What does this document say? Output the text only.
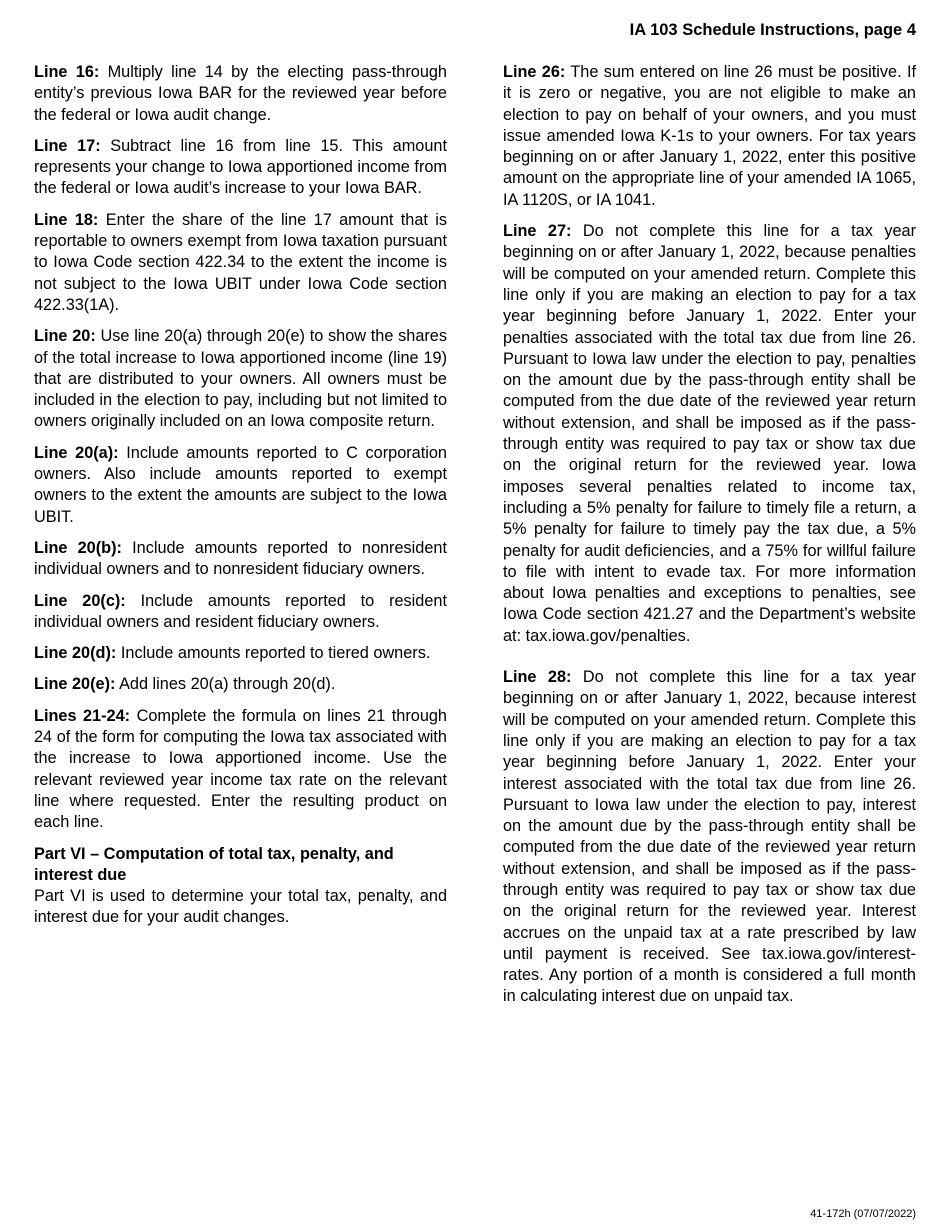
IA 103 Schedule Instructions, page 4

Line 16: Multiply line 14 by the electing pass-through entity’s previous Iowa BAR for the reviewed year before the federal or Iowa audit change.

Line 17: Subtract line 16 from line 15. This amount represents your change to Iowa apportioned income from the federal or Iowa audit’s increase to your Iowa BAR.

Line 18: Enter the share of the line 17 amount that is reportable to owners exempt from Iowa taxation pursuant to Iowa Code section 422.34 to the extent the income is not subject to the Iowa UBIT under Iowa Code section 422.33(1A).

Line 20: Use line 20(a) through 20(e) to show the shares of the total increase to Iowa apportioned income (line 19) that are distributed to your owners. All owners must be included in the election to pay, including but not limited to owners originally included on an Iowa composite return.

Line 20(a): Include amounts reported to C corporation owners. Also include amounts reported to exempt owners to the extent the amounts are subject to the Iowa UBIT.

Line 20(b): Include amounts reported to nonresident individual owners and to nonresident fiduciary owners.

Line 20(c): Include amounts reported to resident individual owners and resident fiduciary owners.

Line 20(d): Include amounts reported to tiered owners.

Line 20(e): Add lines 20(a) through 20(d).

Lines 21-24: Complete the formula on lines 21 through 24 of the form for computing the Iowa tax associated with the increase to Iowa apportioned income. Use the relevant reviewed year income tax rate on the relevant line where requested. Enter the resulting product on each line.

Part VI – Computation of total tax, penalty, and interest due
Part VI is used to determine your total tax, penalty, and interest due for your audit changes.

Line 26: The sum entered on line 26 must be positive. If it is zero or negative, you are not eligible to make an election to pay on behalf of your owners, and you must issue amended Iowa K-1s to your owners. For tax years beginning on or after January 1, 2022, enter this positive amount on the appropriate line of your amended IA 1065, IA 1120S, or IA 1041.

Line 27: Do not complete this line for a tax year beginning on or after January 1, 2022, because penalties will be computed on your amended return. Complete this line only if you are making an election to pay for a tax year beginning before January 1, 2022. Enter your penalties associated with the total tax due from line 26. Pursuant to Iowa law under the election to pay, penalties on the amount due by the pass-through entity shall be computed from the due date of the reviewed year return without extension, and shall be imposed as if the pass-through entity was required to pay tax or show tax due on the original return for the reviewed year. Iowa imposes several penalties related to income tax, including a 5% penalty for failure to timely file a return, a 5% penalty for failure to timely pay the tax due, a 5% penalty for audit deficiencies, and a 75% for willful failure to file with intent to evade tax. For more information about Iowa penalties and exceptions to penalties, see Iowa Code section 421.27 and the Department’s website at: tax.iowa.gov/penalties.

Line 28: Do not complete this line for a tax year beginning on or after January 1, 2022, because interest will be computed on your amended return. Complete this line only if you are making an election to pay for a tax year beginning before January 1, 2022. Enter your interest associated with the total tax due from line 26. Pursuant to Iowa law under the election to pay, interest on the amount due by the pass-through entity shall be computed from the due date of the reviewed year return without extension, and shall be imposed as if the pass-through entity was required to pay tax or show tax due on the original return for the reviewed year. Interest accrues on the unpaid tax at a rate prescribed by law until payment is received. See tax.iowa.gov/interest-rates. Any portion of a month is considered a full month in calculating interest due on unpaid tax.

41-172h (07/07/2022)
